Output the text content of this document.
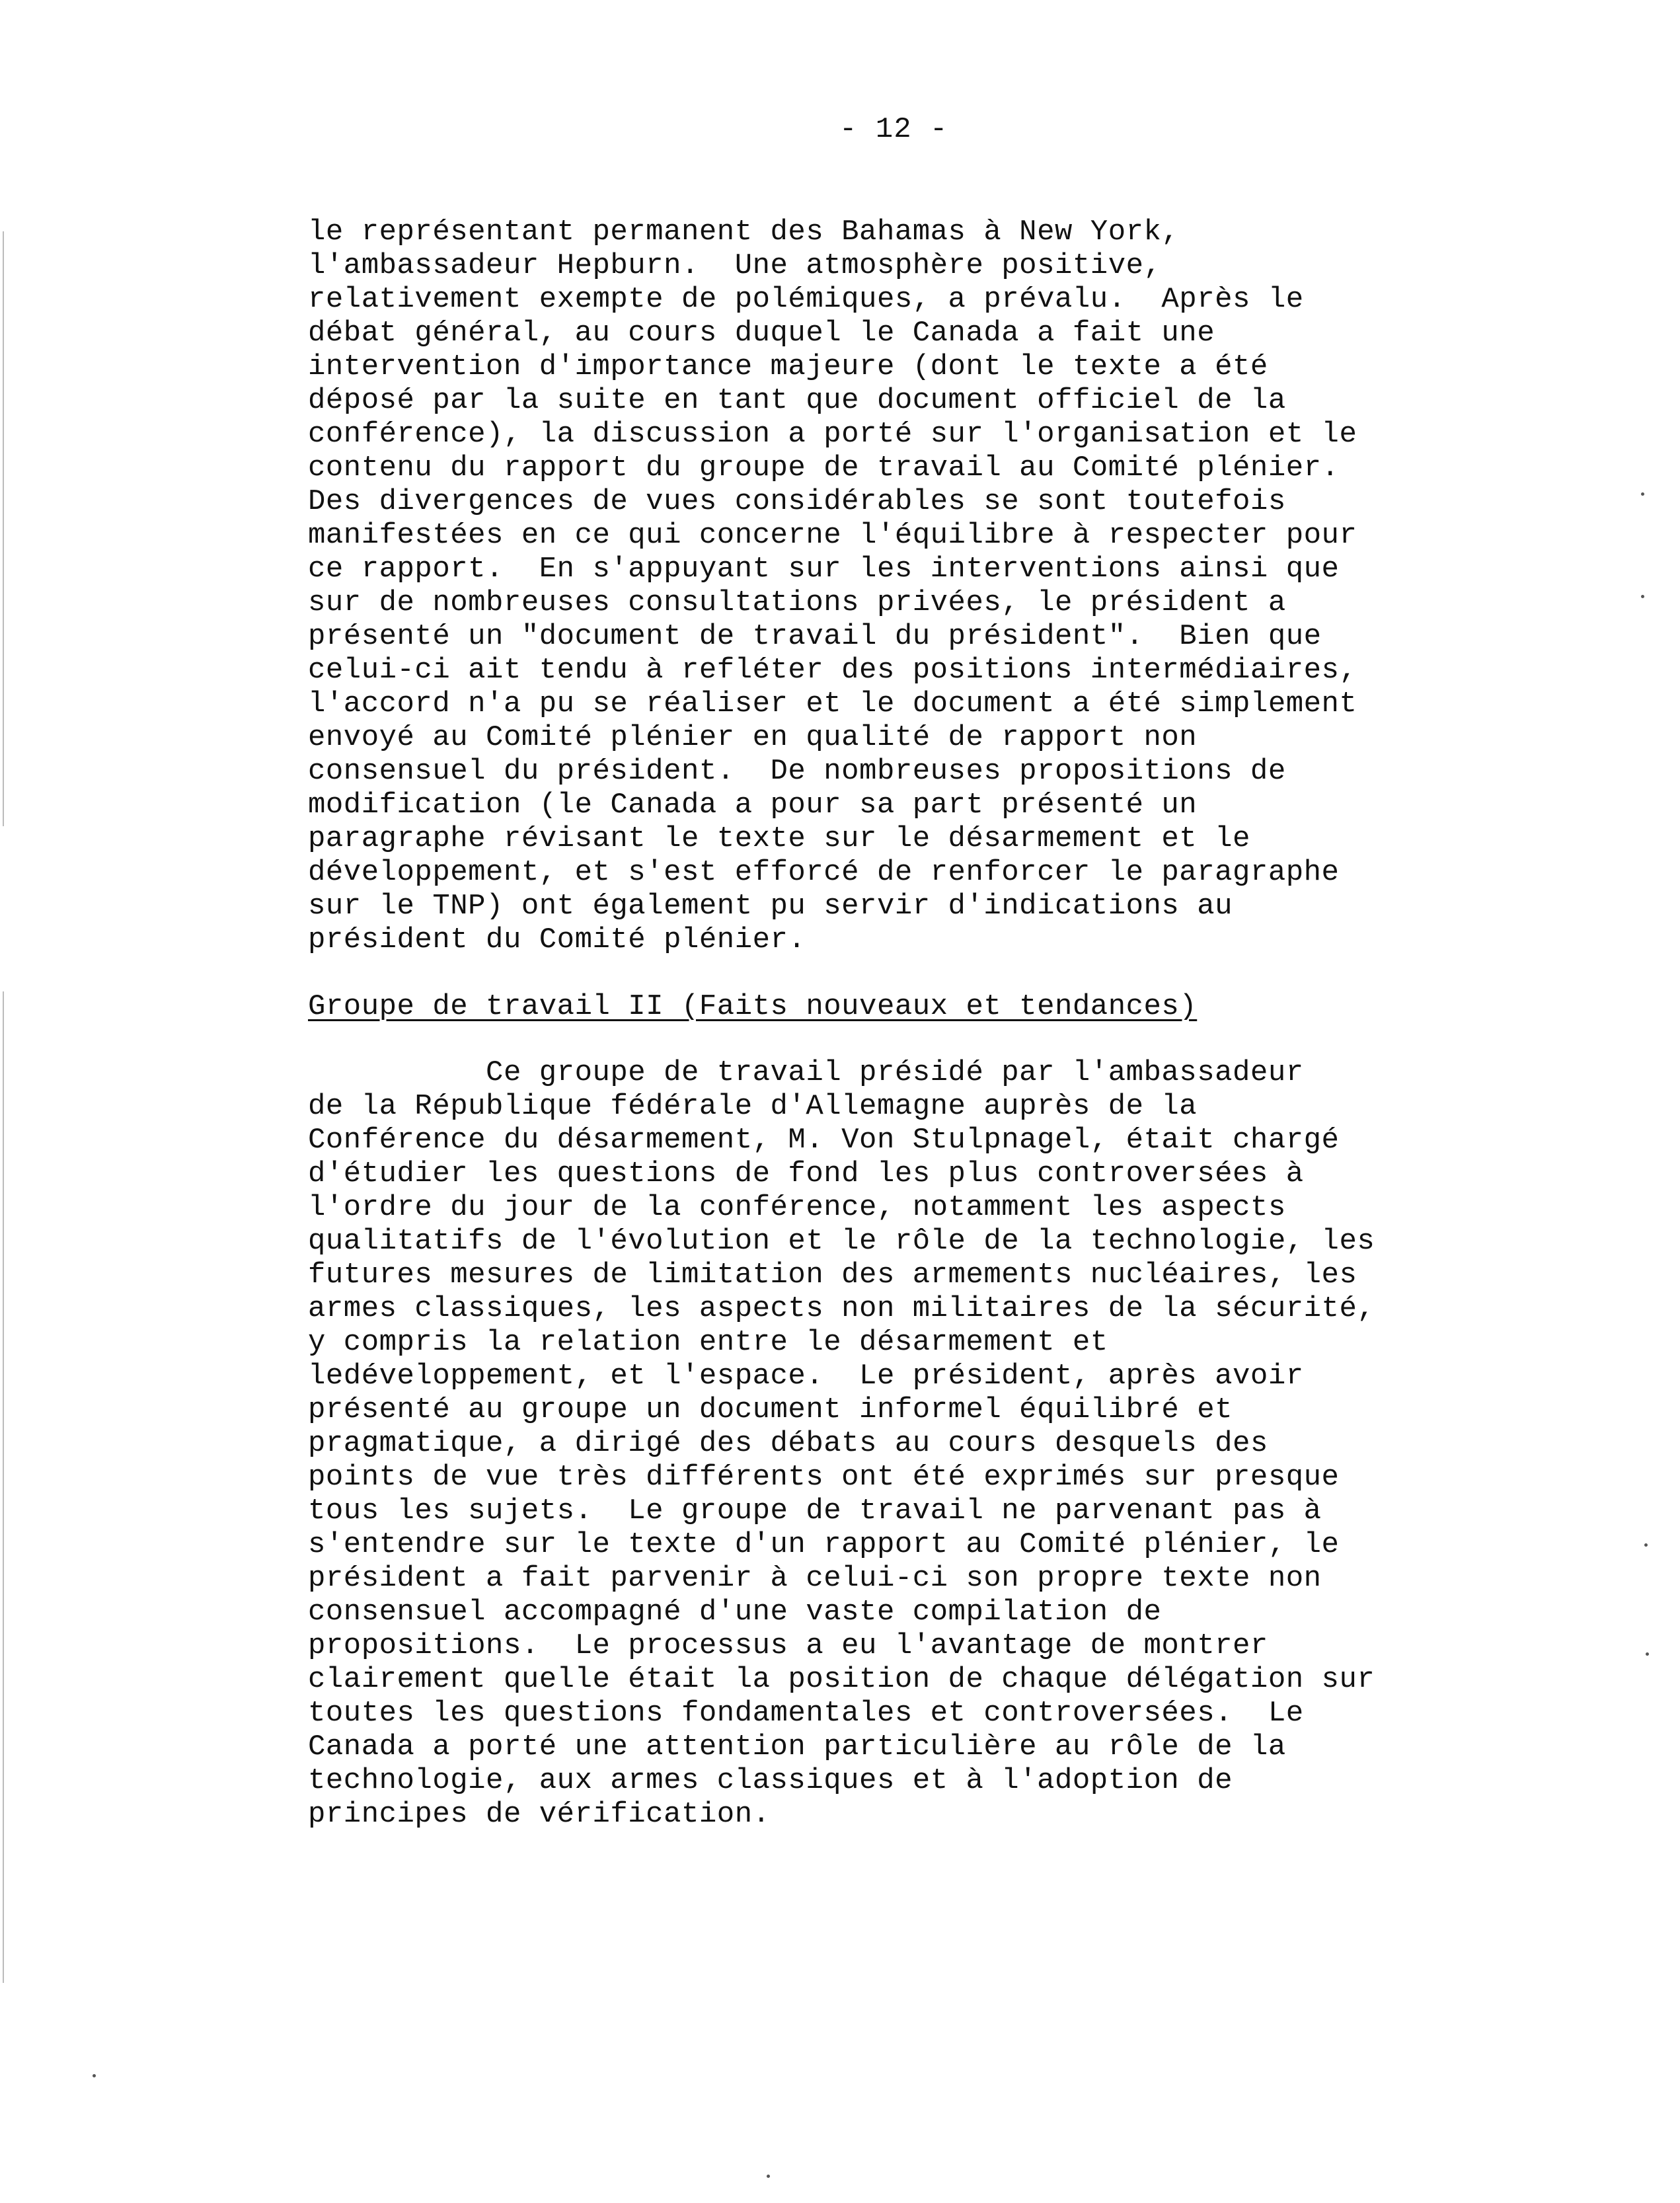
- 12 -
le représentant permanent des Bahamas à New York,
l'ambassadeur Hepburn.  Une atmosphère positive,
relativement exempte de polémiques, a prévalu.  Après le
débat général, au cours duquel le Canada a fait une
intervention d'importance majeure (dont le texte a été
déposé par la suite en tant que document officiel de la
conférence), la discussion a porté sur l'organisation et le
contenu du rapport du groupe de travail au Comité plénier.
Des divergences de vues considérables se sont toutefois
manifestées en ce qui concerne l'équilibre à respecter pour
ce rapport.  En s'appuyant sur les interventions ainsi que
sur de nombreuses consultations privées, le président a
présenté un "document de travail du président".  Bien que
celui-ci ait tendu à refléter des positions intermédiaires,
l'accord n'a pu se réaliser et le document a été simplement
envoyé au Comité plénier en qualité de rapport non
consensuel du président.  De nombreuses propositions de
modification (le Canada a pour sa part présenté un
paragraphe révisant le texte sur le désarmement et le
développement, et s'est efforcé de renforcer le paragraphe
sur le TNP) ont également pu servir d'indications au
président du Comité plénier.
Groupe de travail II (Faits nouveaux et tendances)
Ce groupe de travail présidé par l'ambassadeur
de la République fédérale d'Allemagne auprès de la
Conférence du désarmement, M. Von Stulpnagel, était chargé
d'étudier les questions de fond les plus controversées à
l'ordre du jour de la conférence, notamment les aspects
qualitatifs de l'évolution et le rôle de la technologie, les
futures mesures de limitation des armements nucléaires, les
armes classiques, les aspects non militaires de la sécurité,
y compris la relation entre le désarmement et
ledéveloppement, et l'espace.  Le président, après avoir
présenté au groupe un document informel équilibré et
pragmatique, a dirigé des débats au cours desquels des
points de vue très différents ont été exprimés sur presque
tous les sujets.  Le groupe de travail ne parvenant pas à
s'entendre sur le texte d'un rapport au Comité plénier, le
président a fait parvenir à celui-ci son propre texte non
consensuel accompagné d'une vaste compilation de
propositions.  Le processus a eu l'avantage de montrer
clairement quelle était la position de chaque délégation sur
toutes les questions fondamentales et controversées.  Le
Canada a porté une attention particulière au rôle de la
technologie, aux armes classiques et à l'adoption de
principes de vérification.
